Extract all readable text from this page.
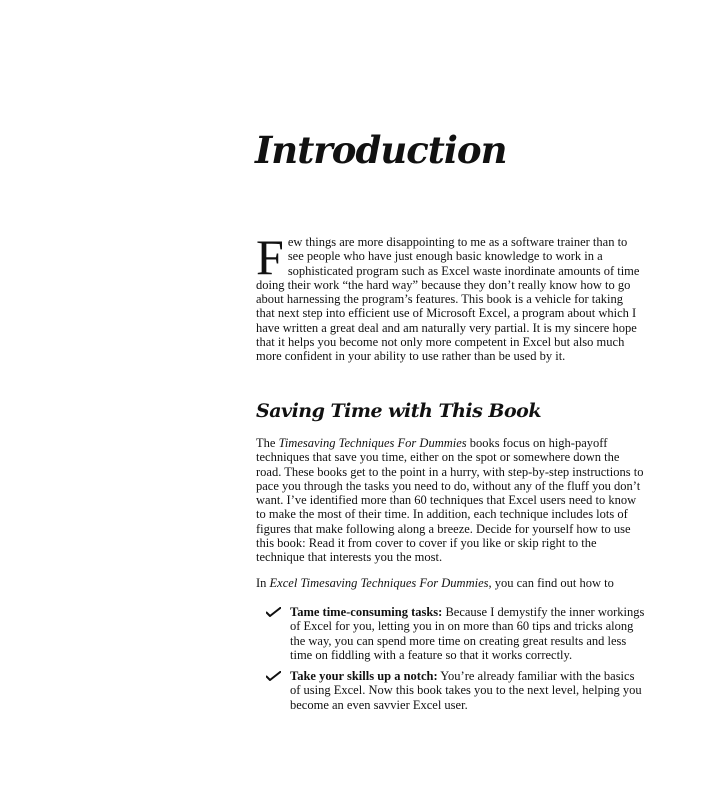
Introduction

Few things are more disappointing to me as a software trainer than to see people who have just enough basic knowledge to work in a sophisticated program such as Excel waste inordinate amounts of time doing their work “the hard way” because they don’t really know how to go about harnessing the program’s features. This book is a vehicle for taking that next step into efficient use of Microsoft Excel, a program about which I have written a great deal and am naturally very partial. It is my sincere hope that it helps you become not only more competent in Excel but also much more confident in your ability to use rather than be used by it.

Saving Time with This Book

The Timesaving Techniques For Dummies books focus on high-payoff techniques that save you time, either on the spot or somewhere down the road. These books get to the point in a hurry, with step-by-step instructions to pace you through the tasks you need to do, without any of the fluff you don’t want. I’ve identified more than 60 techniques that Excel users need to know to make the most of their time. In addition, each technique includes lots of figures that make following along a breeze. Decide for yourself how to use this book: Read it from cover to cover if you like or skip right to the technique that interests you the most.

In Excel Timesaving Techniques For Dummies, you can find out how to

Tame time-consuming tasks: Because I demystify the inner workings of Excel for you, letting you in on more than 60 tips and tricks along the way, you can spend more time on creating great results and less time on fiddling with a feature so that it works correctly.
Take your skills up a notch: You’re already familiar with the basics of using Excel. Now this book takes you to the next level, helping you become an even savvier Excel user.
